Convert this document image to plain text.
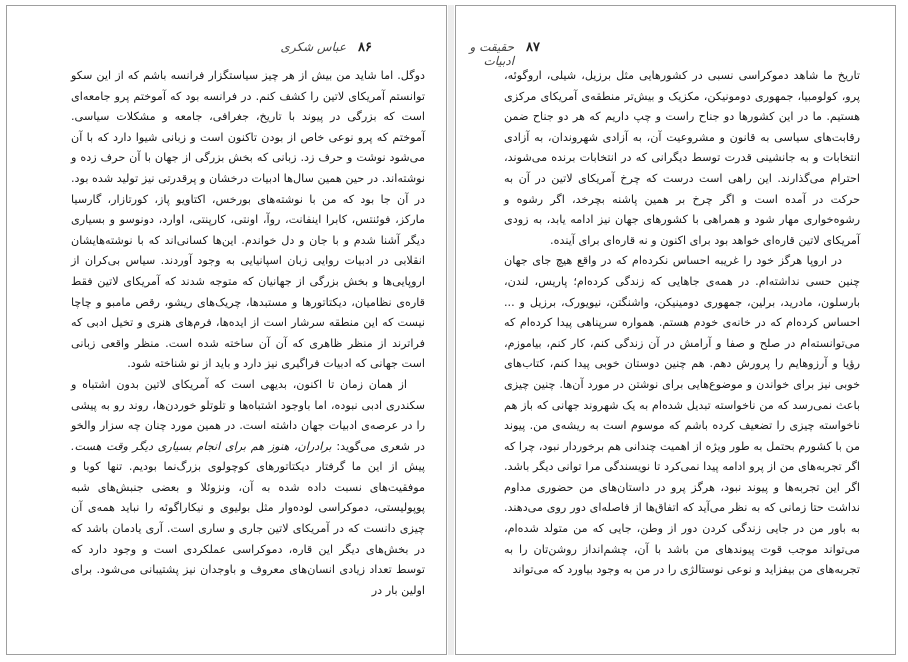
۸۶
عباس شکری

دوگل. اما شاید من بیش از هر چیز سیاستگزار فرانسه باشم که از این سکو توانستم آمریکای لاتین را کشف کنم. در فرانسه بود که آموختم پرو جامعه‌ای است که بزرگی در پیوند با تاریخ، جغرافی، جامعه و مشکلات سیاسی. آموختم که پرو نوعی خاص از بودن تاکنون است و زبانی شیوا دارد که با آن می‌شود نوشت و حرف زد. زبانی که بخش بزرگی از جهان با آن حرف زده و نوشته‌اند. در حین همین سال‌ها ادبیات درخشان و پرقدرتی نیز تولید شده بود. در آن جا بود که من با نوشته‌های بورخس، اکتاویو پاز، کورتازار، گارسیا مارکز، فوئنتس، کابرا اینفانت، روآ، اونتی، کارپنتی، اوارد، دونوسو و بسیاری دیگر آشنا شدم و با جان و دل خواندم. این‌ها کسانی‌اند که با نوشته‌هایشان انقلابی در ادبیات روایی زبان اسپانیایی به وجود آوردند. سیاس بی‌کران از اروپایی‌ها و بخش بزرگی از جهانیان که متوجه شدند که آمریکای لاتین فقط قاره‌ی نظامیان، دیکتاتورها و مستبدها، چریک‌های ریشو، رقص مامبو و چاچا نیست که این منطقه سرشار است از ایده‌ها، فرم‌های هنری و تخیل ادبی که فراترند از منظر ظاهری که آن آن ساخته شده است. منظر واقعی زبانی است جهانی که ادبیات فراگیری نیز دارد و باید از نو شناخته شود.

از همان زمان تا اکنون، بدیهی است که آمریکای لاتین بدون اشتباه و سکندری ادبی نبوده، اما باوجود اشتباه‌ها و تلوتلو خوردن‌ها، روند رو به پیشی را در عرصه‌ی ادبیات جهان داشته است. در همین مورد چنان چه سزار والخو در شعری می‌گوید: برادران، هنوز هم برای انجام بسیاری دیگر وقت هست. پیش از این ما گرفتار دیکتاتورهای کوچولوی بزرگ‌نما بودیم. تنها کوبا و موفقیت‌های نسبت داده شده به آن، ونزوئلا و بعضی جنبش‌های شبه پوپولیستی، دموکراسی لوده‌وار مثل بولیوی و نیکاراگوئه را نباید همه‌ی آن چیزی دانست که در آمریکای لاتین جاری و ساری است. آری یادمان باشد که در بخش‌های دیگر این قاره، دموکراسی عملکردی است و وجود دارد که توسط تعداد زیادی انسان‌های معروف و باوجدان نیز پشتیبانی می‌شود. برای اولین بار در

۸۷
حقیقت و ادبیات

تاریخ ما شاهد دموکراسی نسبی در کشورهایی مثل برزیل، شیلی، اروگوئه، پرو، کولومبیا، جمهوری دومونیکن، مکزیک و بیش‌تر منطقه‌ی آمریکای مرکزی هستیم. ما در این کشورها دو جناح راست و چپ داریم که هر دو جناح ضمن رقابت‌های سیاسی به قانون و مشروعیت آن، به آزادی شهروندان، به آزادی انتخابات و به جانشینی قدرت توسط دیگرانی که در انتخابات برنده می‌شوند، احترام می‌گذارند. این راهی است درست که چرخ آمریکای لاتین در آن به حرکت در آمده است و اگر چرخ بر همین پاشنه بچرخد، اگر رشوه و رشوه‌خواری مهار شود و همراهی با کشورهای جهان نیز ادامه یابد، به زودی آمریکای لاتین قاره‌ای خواهد بود برای اکنون و نه قاره‌ای برای آینده.

در اروپا هرگز خود را غریبه احساس نکرده‌ام که در واقع هیچ جای جهان چنین حسی نداشته‌ام. در همه‌ی جاهایی که زندگی کرده‌ام؛ پاریس، لندن، بارسلون، مادرید، برلین، جمهوری دومینیکن، واشنگتن، نیویورک، برزیل و ... احساس کرده‌ام که در خانه‌ی خودم هستم. همواره سرپناهی پیدا کرده‌ام که می‌توانسته‌ام در صلح و صفا و آرامش در آن زندگی کنم، کار کنم، بیاموزم، رؤیا و آرزوهایم را پرورش دهم. هم چنین دوستان خوبی پیدا کنم، کتاب‌های خوبی نیز برای خواندن و موضوع‌هایی برای نوشتن در مورد آن‌ها. چنین چیزی باعث نمی‌رسد که من ناخواسته تبدیل شده‌ام به یک شهروند جهانی که باز هم ناخواسته چیزی را تضعیف کرده باشم که موسوم است به ریشه‌ی من. پیوند من با کشورم بحتمل به طور ویژه از اهمیت چندانی هم برخوردار نبود، چرا که اگر تجربه‌های من از پرو ادامه پیدا نمی‌کرد تا نویسندگی مرا توانی دیگر باشد. اگر این تجربه‌ها و پیوند نبود، هرگز پرو در داستان‌های من حضوری مداوم نداشت حتا زمانی که به نظر می‌آید که اتفاق‌ها از فاصله‌ای دور روی می‌دهند. به باور من در جایی زندگی کردن دور از وطن، جایی که من متولد شده‌ام، می‌تواند موجب قوت پیوندهای من باشد با آن، چشم‌انداز روشن‌تان را به تجربه‌های من بیفزاید و نوعی نوستالژی را در من به وجود بیاورد که می‌تواند
